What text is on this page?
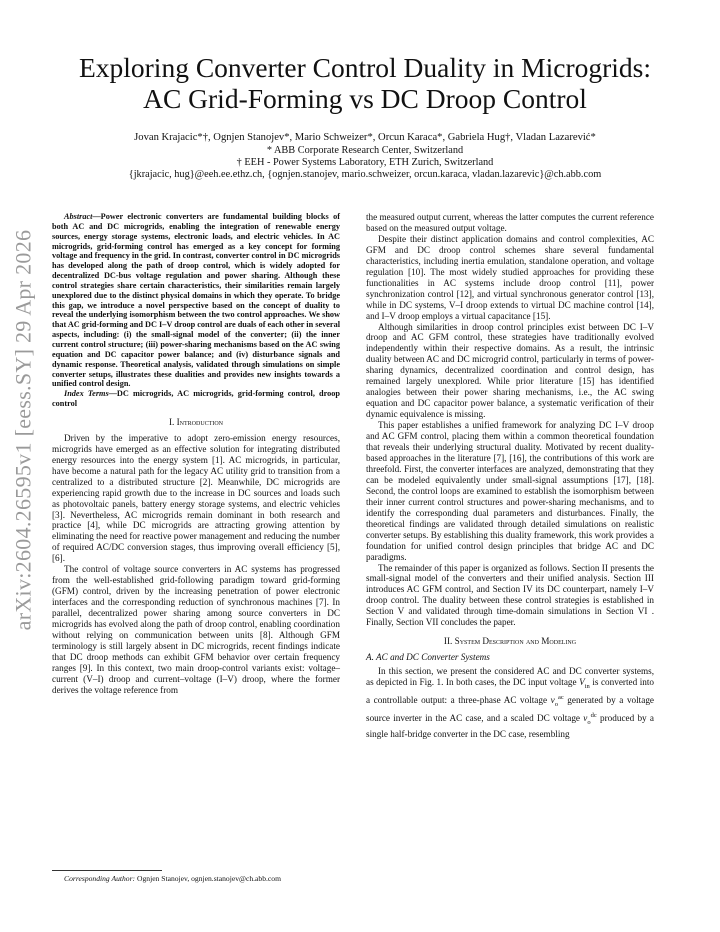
arXiv:2604.26595v1 [eess.SY] 29 Apr 2026
Exploring Converter Control Duality in Microgrids:
AC Grid-Forming vs DC Droop Control
Jovan Krajacic*†, Ognjen Stanojev*, Mario Schweizer*, Orcun Karaca*, Gabriela Hug†, Vladan Lazarević*
* ABB Corporate Research Center, Switzerland
† EEH - Power Systems Laboratory, ETH Zurich, Switzerland
{jkrajacic, hug}@eeh.ee.ethz.ch, {ognjen.stanojev, mario.schweizer, orcun.karaca, vladan.lazarevic}@ch.abb.com

Abstract—Power electronic converters are fundamental building blocks of both AC and DC microgrids, enabling the integration of renewable energy sources, energy storage systems, electronic loads, and electric vehicles. In AC microgrids, grid-forming control has emerged as a key concept for forming voltage and frequency in the grid. In contrast, converter control in DC microgrids has developed along the path of droop control, which is widely adopted for decentralized DC-bus voltage regulation and power sharing. Although these control strategies share certain characteristics, their similarities remain largely unexplored due to the distinct physical domains in which they operate. To bridge this gap, we introduce a novel perspective based on the concept of duality to reveal the underlying isomorphism between the two control approaches. We show that AC grid-forming and DC I–V droop control are duals of each other in several aspects, including: (i) the small-signal model of the converter; (ii) the inner current control structure; (iii) power-sharing mechanisms based on the AC swing equation and DC capacitor power balance; and (iv) disturbance signals and dynamic response. Theoretical analysis, validated through simulations on simple converter setups, illustrates these dualities and provides new insights towards a unified control design.

Index Terms—DC microgrids, AC microgrids, grid-forming control, droop control

I. Introduction

Driven by the imperative to adopt zero-emission energy resources, microgrids have emerged as an effective solution for integrating distributed energy resources into the energy system [1]. AC microgrids, in particular, have become a natural path for the legacy AC utility grid to transition from a centralized to a distributed structure [2]. Meanwhile, DC microgrids are experiencing rapid growth due to the increase in DC sources and loads such as photovoltaic panels, battery energy storage systems, and electric vehicles [3]. Nevertheless, AC microgrids remain dominant in both research and practice [4], while DC microgrids are attracting growing attention by eliminating the need for reactive power management and reducing the number of required AC/DC conversion stages, thus improving overall efficiency [5], [6].

The control of voltage source converters in AC systems has progressed from the well-established grid-following paradigm toward grid-forming (GFM) control, driven by the increasing penetration of power electronic interfaces and the corresponding reduction of synchronous machines [7]. In parallel, decentralized power sharing among source converters in DC microgrids has evolved along the path of droop control, enabling coordination without relying on communication between units [8]. Although GFM terminology is still largely absent in DC microgrids, recent findings indicate that DC droop methods can exhibit GFM behavior over certain frequency ranges [9]. In this context, two main droop-control variants exist: voltage–current (V–I) droop and current–voltage (I–V) droop, where the former derives the voltage reference from

the measured output current, whereas the latter computes the current reference based on the measured output voltage.

Despite their distinct application domains and control complexities, AC GFM and DC droop control schemes share several fundamental characteristics, including inertia emulation, standalone operation, and voltage regulation [10]. The most widely studied approaches for providing these functionalities in AC systems include droop control [11], power synchronization control [12], and virtual synchronous generator control [13], while in DC systems, V–I droop extends to virtual DC machine control [14], and I–V droop employs a virtual capacitance [15].

Although similarities in droop control principles exist between DC I–V droop and AC GFM control, these strategies have traditionally evolved independently within their respective domains. As a result, the intrinsic duality between AC and DC microgrid control, particularly in terms of power-sharing dynamics, decentralized coordination and control design, has remained largely unexplored. While prior literature [15] has identified analogies between their power sharing mechanisms, i.e., the AC swing equation and DC capacitor power balance, a systematic verification of their dynamic equivalence is missing.

This paper establishes a unified framework for analyzing DC I–V droop and AC GFM control, placing them within a common theoretical foundation that reveals their underlying structural duality. Motivated by recent duality-based approaches in the literature [7], [16], the contributions of this work are threefold. First, the converter interfaces are analyzed, demonstrating that they can be modeled equivalently under small-signal assumptions [17], [18]. Second, the control loops are examined to establish the isomorphism between their inner current control structures and power-sharing mechanisms, and to identify the corresponding dual parameters and disturbances. Finally, the theoretical findings are validated through detailed simulations on realistic converter setups. By establishing this duality framework, this work provides a foundation for unified control design principles that bridge AC and DC paradigms.

The remainder of this paper is organized as follows. Section II presents the small-signal model of the converters and their unified analysis. Section III introduces AC GFM control, and Section IV its DC counterpart, namely I–V droop control. The duality between these control strategies is established in Section V and validated through time-domain simulations in Section VI . Finally, Section VII concludes the paper.

II. System Description and Modeling
A. AC and DC Converter Systems

In this section, we present the considered AC and DC converter systems, as depicted in Fig. 1. In both cases, the DC input voltage $V_{in}$ is converted into a controllable output: a three-phase AC voltage $v_o^{ac}$ generated by a voltage source inverter in the AC case, and a scaled DC voltage $v_o^{dc}$ produced by a single half-bridge converter in the DC case, resembling

Corresponding Author: Ognjen Stanojev, ognjen.stanojev@ch.abb.com
